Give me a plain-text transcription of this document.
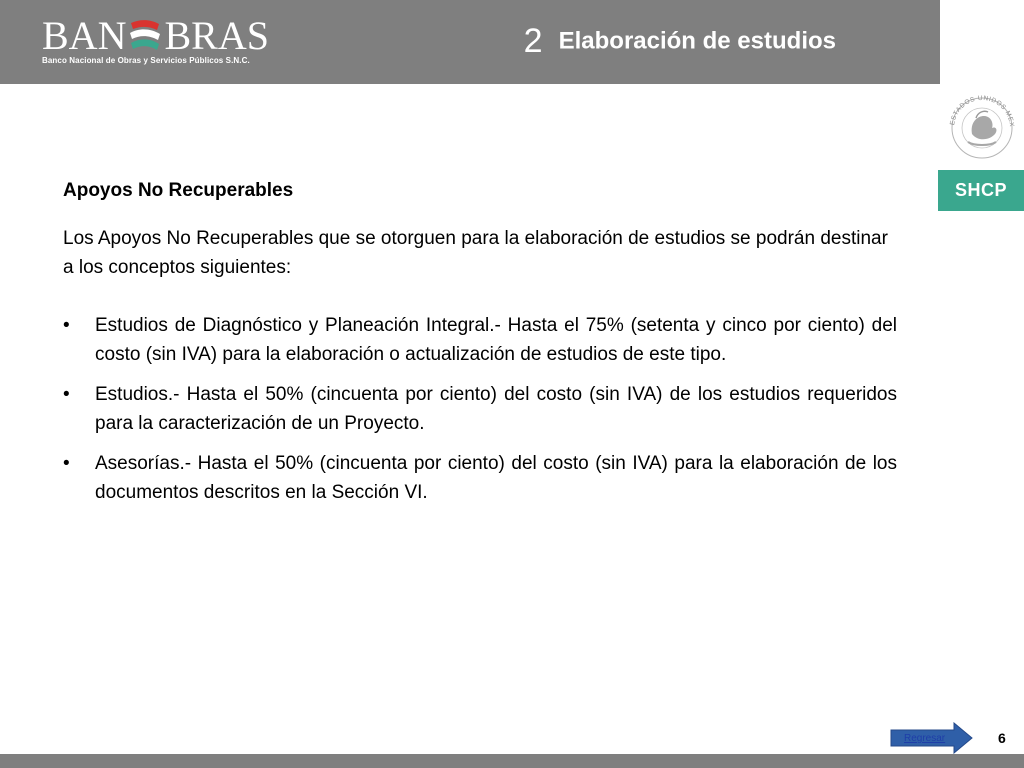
BAN BRAS
Banco Nacional de Obras y Servicios Públicos S.N.C.
2 Elaboración de estudios
ESTADOS UNIDOS MEX
SHCP

Apoyos No Recuperables

Los Apoyos No Recuperables que se otorguen para la elaboración de estudios se podrán destinar a los conceptos siguientes:

•	Estudios de Diagnóstico y Planeación Integral.- Hasta el 75% (setenta y cinco por ciento) del costo (sin IVA) para la elaboración o actualización de estudios de este tipo.
•	Estudios.- Hasta el 50% (cincuenta por ciento) del costo (sin IVA) de los estudios requeridos para la caracterización de un Proyecto.
•	Asesorías.- Hasta el 50% (cincuenta por ciento) del costo (sin IVA) para la elaboración de los documentos descritos en la Sección VI.
Regresar	6
